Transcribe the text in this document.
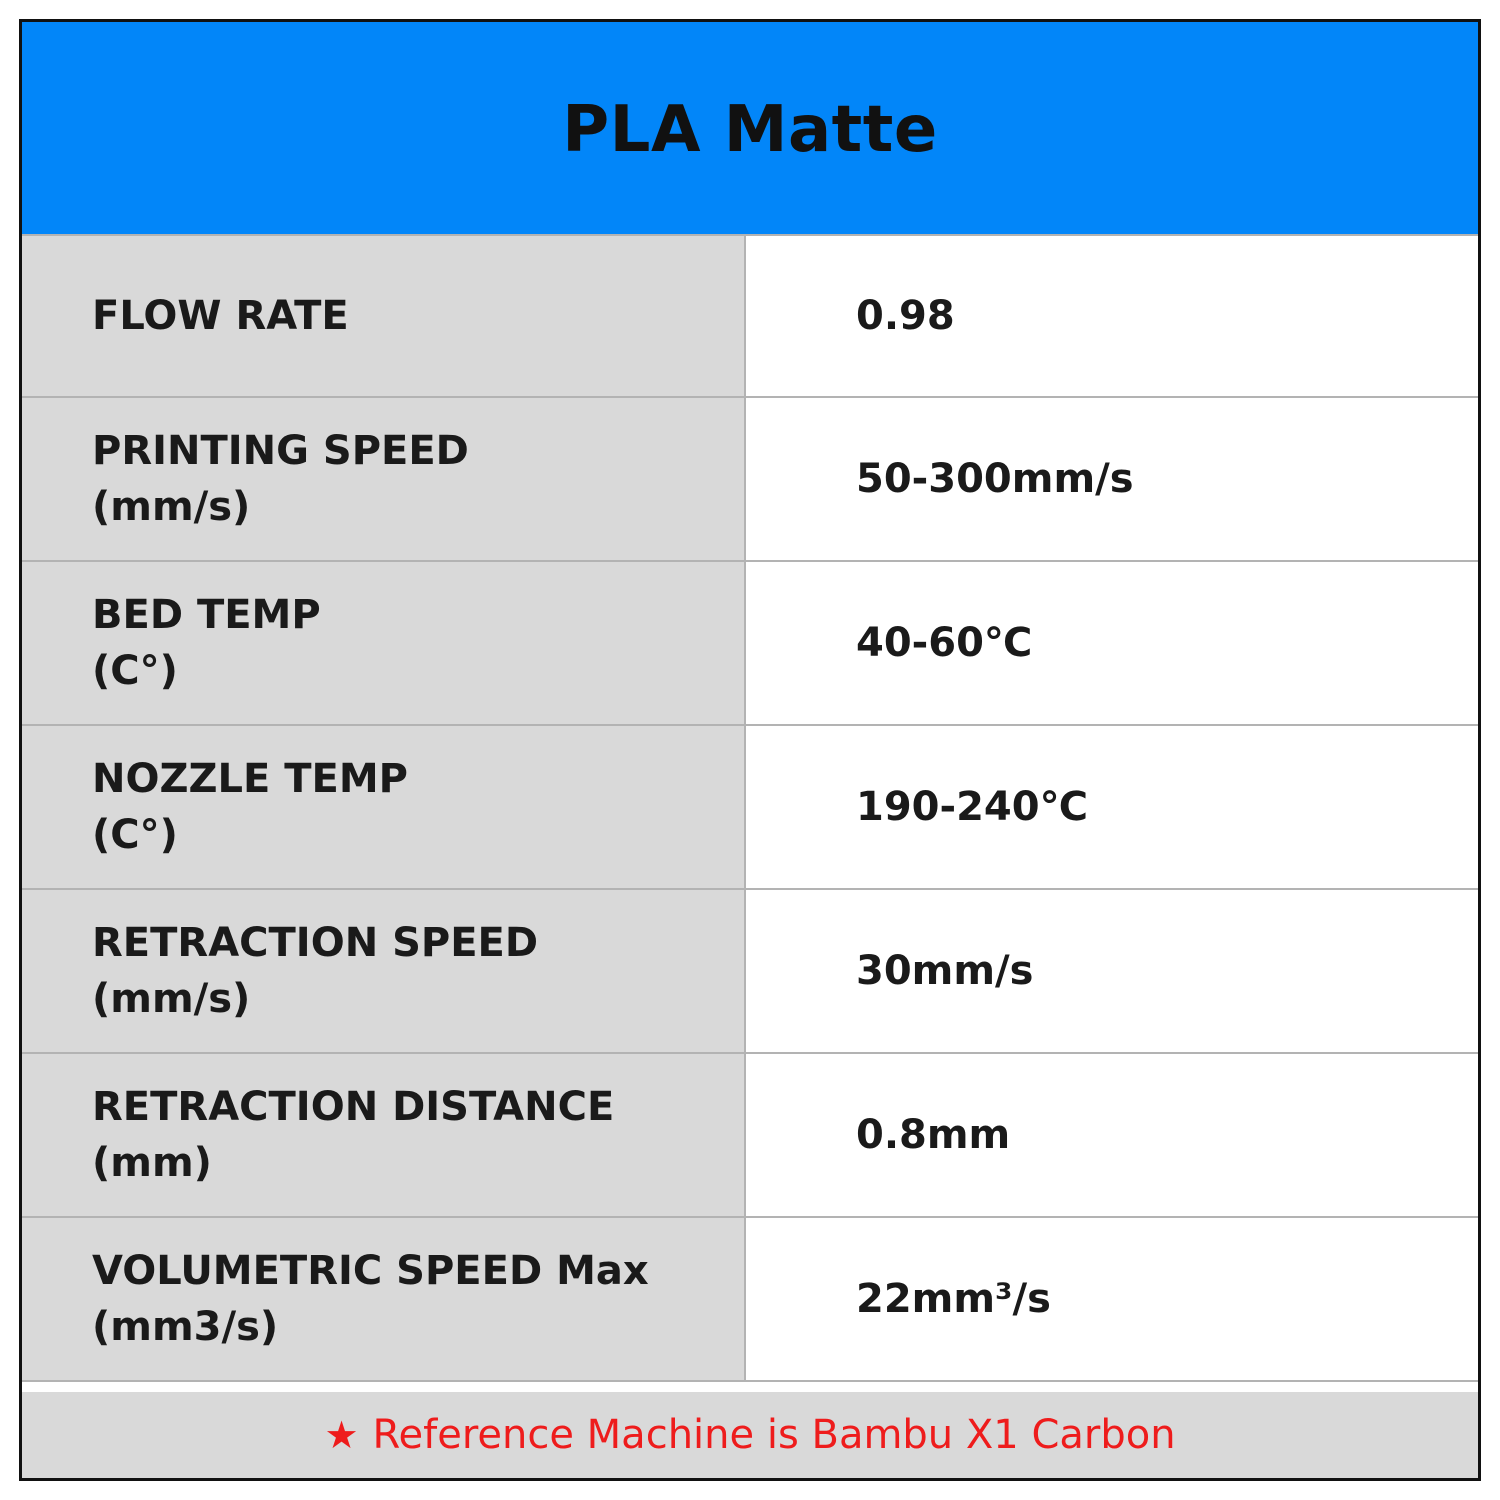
PLA Matte
FLOW RATE	0.98
PRINTING SPEED
(mm/s)
50-300mm/s
BED TEMP
(C°)
40-60℃
NOZZLE TEMP
(C°)
190-240℃
RETRACTION SPEED
(mm/s)
30mm/s
RETRACTION DISTANCE
(mm)
0.8mm
VOLUMETRIC SPEED Max
(mm3/s)
22mm³/s
★ Reference Machine is Bambu X1 Carbon
